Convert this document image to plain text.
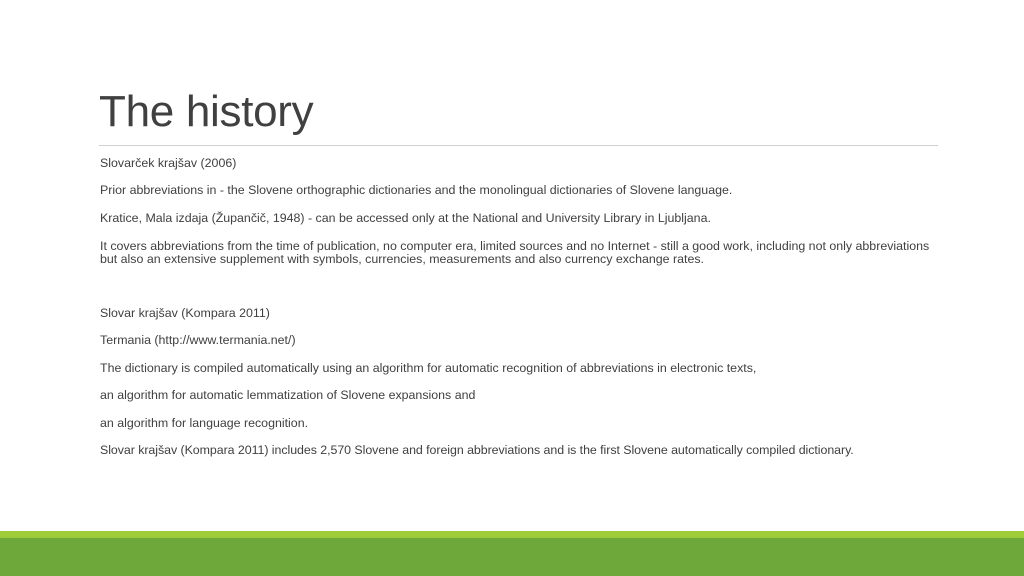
The history

Slovarček krajšav (2006)

Prior abbreviations in - the Slovene orthographic dictionaries and the monolingual dictionaries of Slovene language.

Kratice, Mala izdaja (Župančič, 1948) - can be accessed only at the National and University Library in Ljubljana.

It covers abbreviations from the time of publication, no computer era, limited sources and no Internet - still a good work, including not only abbreviations but also an extensive supplement with symbols, currencies, measurements and also currency exchange rates.

Slovar krajšav (Kompara 2011)

Termania (http://www.termania.net/)

The dictionary is compiled automatically using an algorithm for automatic recognition of abbreviations in electronic texts,

an algorithm for automatic lemmatization of Slovene expansions and

an algorithm for language recognition.

Slovar krajšav (Kompara 2011) includes 2,570 Slovene and foreign abbreviations and is the first Slovene automatically compiled dictionary.
